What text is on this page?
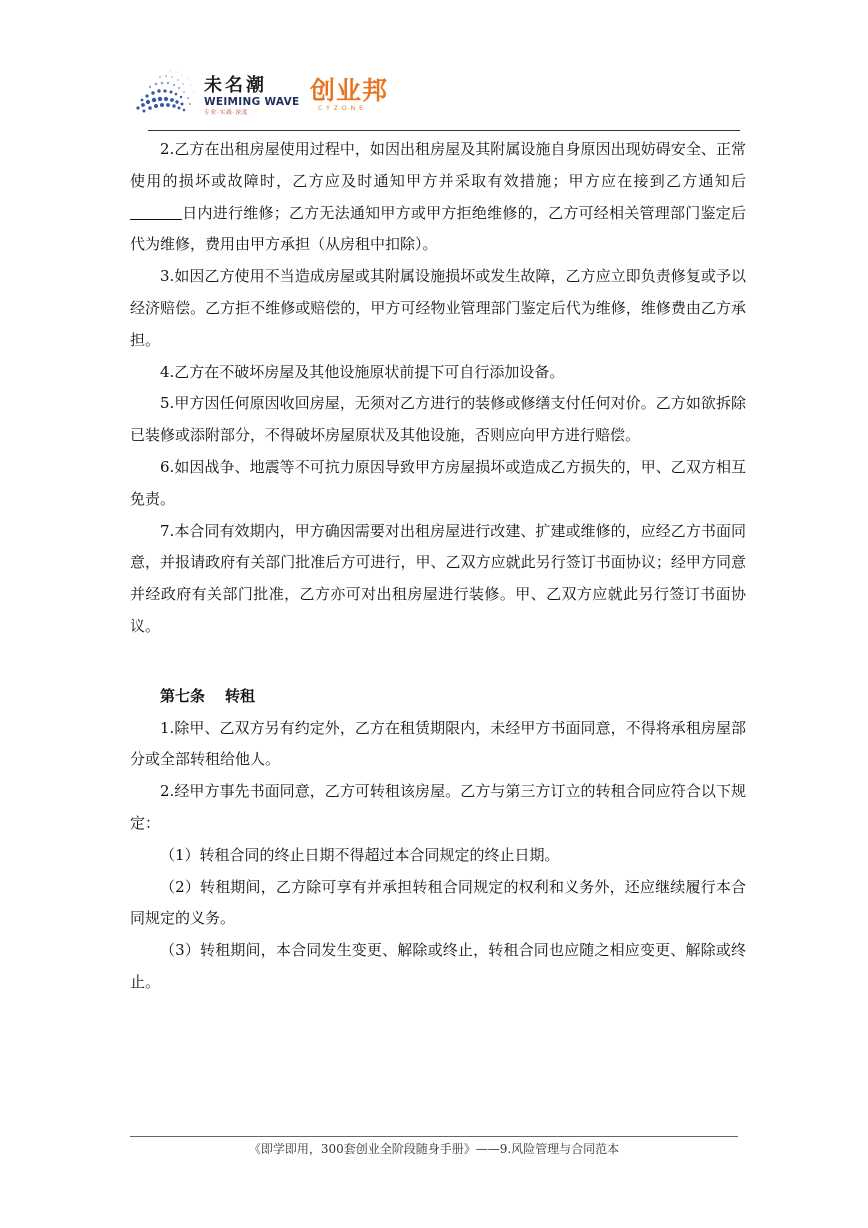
未名潮
WEIMING WAVE
专业·实践·深度
创业邦
CYZONE

2.乙方在出租房屋使用过程中，如因出租房屋及其附属设施自身原因出现妨碍安全、正常使用的损坏或故障时，乙方应及时通知甲方并采取有效措施；甲方应在接到乙方通知后日内进行维修；乙方无法通知甲方或甲方拒绝维修的，乙方可经相关管理部门鉴定后代为维修，费用由甲方承担（从房租中扣除）。

3.如因乙方使用不当造成房屋或其附属设施损坏或发生故障，乙方应立即负责修复或予以经济赔偿。乙方拒不维修或赔偿的，甲方可经物业管理部门鉴定后代为维修，维修费由乙方承担。

4.乙方在不破坏房屋及其他设施原状前提下可自行添加设备。

5.甲方因任何原因收回房屋，无须对乙方进行的装修或修缮支付任何对价。乙方如欲拆除已装修或添附部分，不得破坏房屋原状及其他设施，否则应向甲方进行赔偿。

6.如因战争、地震等不可抗力原因导致甲方房屋损坏或造成乙方损失的，甲、乙双方相互免责。

7.本合同有效期内，甲方确因需要对出租房屋进行改建、扩建或维修的，应经乙方书面同意，并报请政府有关部门批准后方可进行，甲、乙双方应就此另行签订书面协议；经甲方同意并经政府有关部门批准，乙方亦可对出租房屋进行装修。甲、乙双方应就此另行签订书面协议。

第七条 转租

1.除甲、乙双方另有约定外，乙方在租赁期限内，未经甲方书面同意，不得将承租房屋部分或全部转租给他人。

2.经甲方事先书面同意，乙方可转租该房屋。乙方与第三方订立的转租合同应符合以下规定：

（1）转租合同的终止日期不得超过本合同规定的终止日期。

（2）转租期间，乙方除可享有并承担转租合同规定的权利和义务外，还应继续履行本合同规定的义务。

（3）转租期间，本合同发生变更、解除或终止，转租合同也应随之相应变更、解除或终止。

《即学即用，300套创业全阶段随身手册》——9.风险管理与合同范本
